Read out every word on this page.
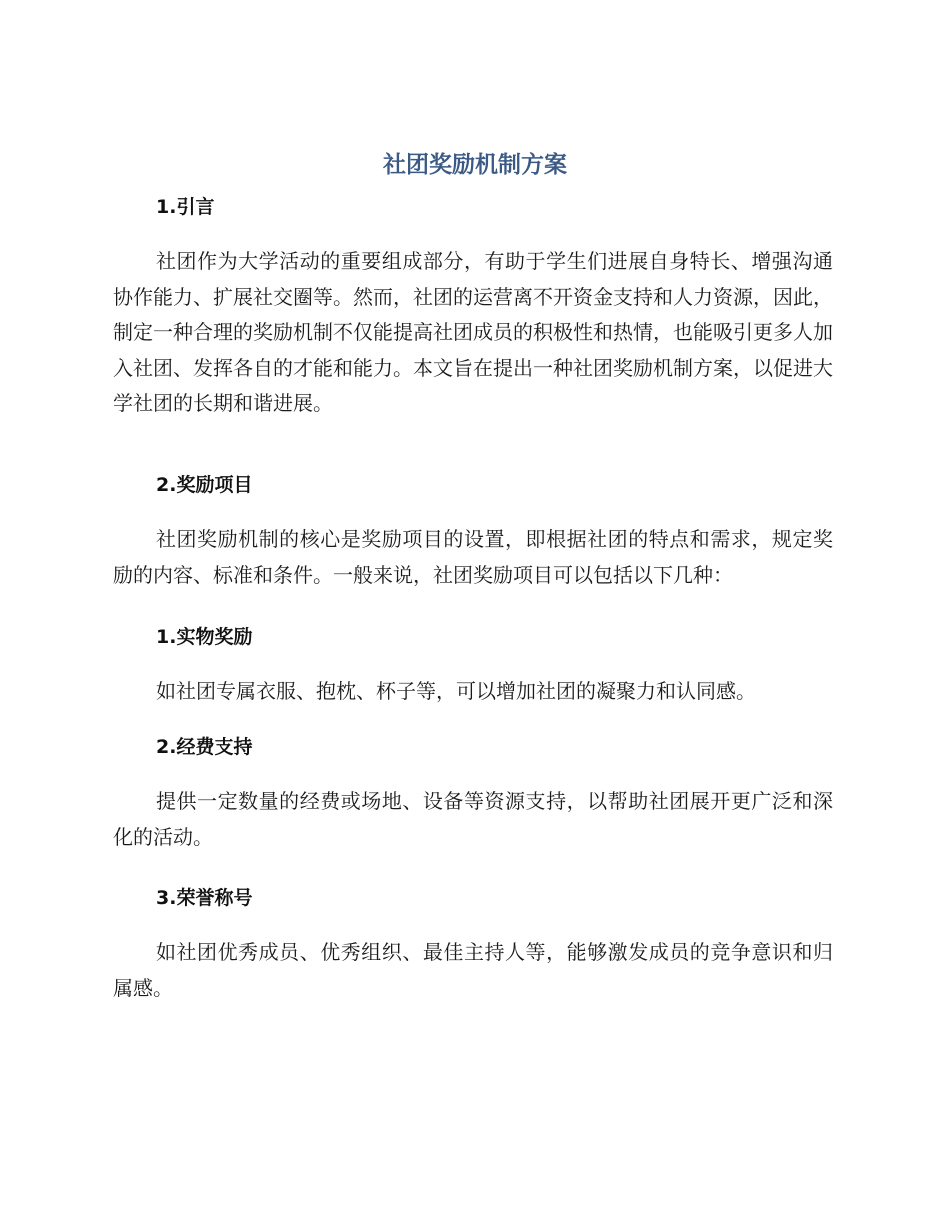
社团奖励机制方案
1.引言
社团作为大学活动的重要组成部分，有助于学生们进展自身特长、增强沟通协作能力、扩展社交圈等。然而，社团的运营离不开资金支持和人力资源，因此，制定一种合理的奖励机制不仅能提高社团成员的积极性和热情，也能吸引更多人加入社团、发挥各自的才能和能力。本文旨在提出一种社团奖励机制方案，以促进大学社团的长期和谐进展。
2.奖励项目
社团奖励机制的核心是奖励项目的设置，即根据社团的特点和需求，规定奖励的内容、标准和条件。一般来说，社团奖励项目可以包括以下几种：
1.实物奖励
如社团专属衣服、抱枕、杯子等，可以增加社团的凝聚力和认同感。
2.经费支持
提供一定数量的经费或场地、设备等资源支持，以帮助社团展开更广泛和深化的活动。
3.荣誉称号
如社团优秀成员、优秀组织、最佳主持人等，能够激发成员的竞争意识和归属感。
